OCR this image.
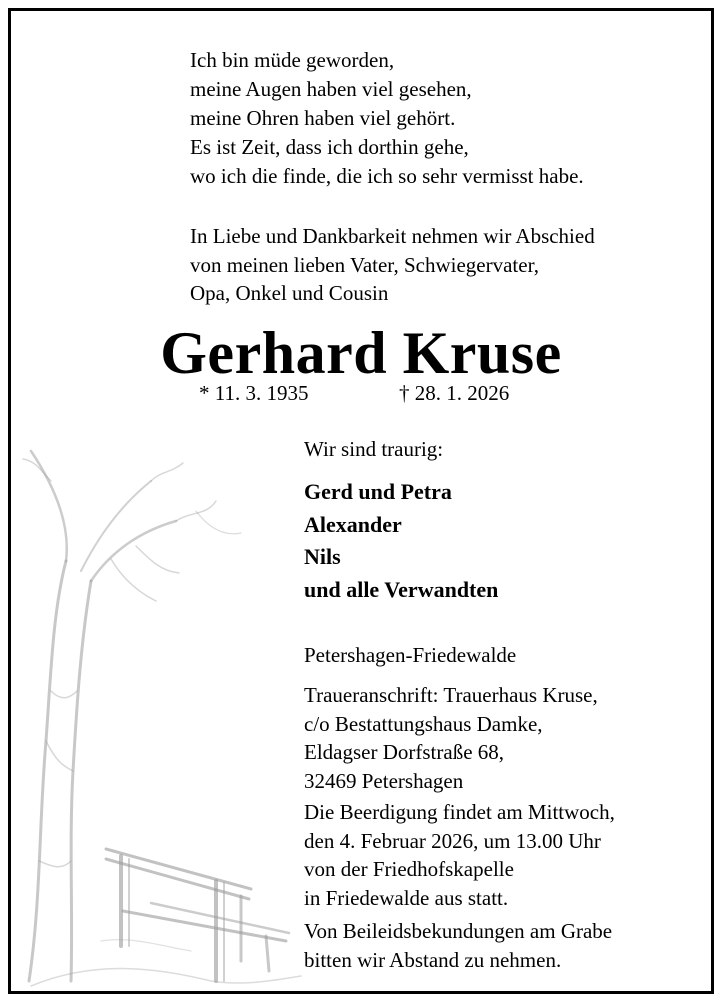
Ich bin müde geworden,
meine Augen haben viel gesehen,
meine Ohren haben viel gehört.
Es ist Zeit, dass ich dorthin gehe,
wo ich die finde, die ich so sehr vermisst habe.
In Liebe und Dankbarkeit nehmen wir Abschied
von meinen lieben Vater, Schwiegervater,
Opa, Onkel und Cousin
Gerhard Kruse
* 11. 3. 1935	† 28. 1. 2026
Wir sind traurig:
Gerd und Petra
Alexander
Nils
und alle Verwandten
Petershagen-Friedewalde
Traueranschrift: Trauerhaus Kruse,
c/o Bestattungshaus Damke,
Eldagser Dorfstraße 68,
32469 Petershagen
Die Beerdigung findet am Mittwoch,
den 4. Februar 2026, um 13.00 Uhr
von der Friedhofskapelle
in Friedewalde aus statt.
Von Beileidsbekundungen am Grabe
bitten wir Abstand zu nehmen.
